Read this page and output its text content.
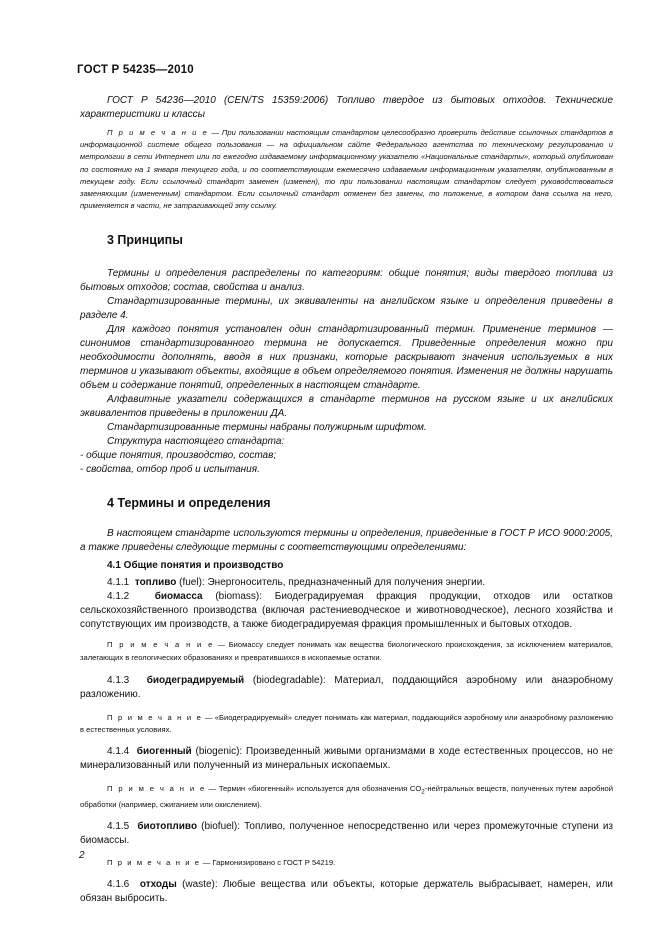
ГОСТ Р 54235—2010

ГОСТ Р 54236—2010 (CEN/TS 15359:2006) Топливо твердое из бытовых отходов. Технические характеристики и классы

П р и м е ч а н и е — При пользовании настоящим стандартом целесообразно проверить действие ссылочных стандартов в информационной системе общего пользования — на официальном сайте Федерального агентства по техническому регулированию и метрологии в сети Интернет или по ежегодно издаваемому информационному указателю «Национальные стандарты», который опубликован по состоянию на 1 января текущего года, и по соответствующим ежемесячно издаваемым информационным указателям, опубликованным в текущем году. Если ссылочный стандарт заменен (изменен), то при пользовании настоящим стандартом следует руководствоваться заменяющим (измененным) стандартом. Если ссылочный стандарт отменен без замены, то положение, в котором дана ссылка на него, применяется в части, не затрагивающей эту ссылку.

3 Принципы

Термины и определения распределены по категориям: общие понятия; виды твердого топлива из бытовых отходов; состав, свойства и анализ.

Стандартизированные термины, их эквиваленты на английском языке и определения приведены в разделе 4.

Для каждого понятия установлен один стандартизированный термин. Применение терминов — синонимов стандартизированного термина не допускается. Приведенные определения можно при необходимости дополнять, вводя в них признаки, которые раскрывают значения используемых в них терминов и указывают объекты, входящие в объем определяемого понятия. Изменения не должны нарушать объем и содержание понятий, определенных в настоящем стандарте.

Алфавитные указатели содержащихся в стандарте терминов на русском языке и их английских эквивалентов приведены в приложении ДА.

Стандартизированные термины набраны полужирным шрифтом.

Структура настоящего стандарта:

- общие понятия, производство, состав;

- свойства, отбор проб и испытания.

4 Термины и определения

В настоящем стандарте используются термины и определения, приведенные в ГОСТ Р ИСО 9000:2005, а также приведены следующие термины с соответствующими определениями:

4.1 Общие понятия и производство

4.1.1 топливо (fuel): Энергоноситель, предназначенный для получения энергии.

4.1.2	биомасса (biomass): Биодеградируемая фракция продукции, отходов или остатков сельскохозяйственного производства (включая растениеводческое и животноводческое), лесного хозяйства и сопутствующих им производств, а также биодеградируемая фракция промышленных и бытовых отходов.

П р и м е ч а н и е — Биомассу следует понимать как вещества биологического происхождения, за исключением материалов, залегающих в геологических образованиях и превратившихся в ископаемые остатки.

4.1.3 биодеградируемый (biodegradable): Материал, поддающийся аэробному или анаэробному разложению.

П р и м е ч а н и е — «Биодеградируемый» следует понимать как материал, поддающийся аэробному или анаэробному разложению в естественных условиях.

4.1.4 биогенный (biogenic): Произведенный живыми организмами в ходе естественных процессов, но не минерализованный или полученный из минеральных ископаемых.

П р и м е ч а н и е — Термин «биогенный» используется для обозначения $CO_2$-нейтральных веществ, полученных путем аэробной обработки (например, сжиганием или окислением).

4.1.5 биотопливо (biofuel): Топливо, полученное непосредственно или через промежуточные ступени из биомассы.

П р и м е ч а н и е — Гармонизировано с ГОСТ Р 54219.

4.1.6 отходы (waste): Любые вещества или объекты, которые держатель выбрасывает, намерен, или обязан выбросить.

2
